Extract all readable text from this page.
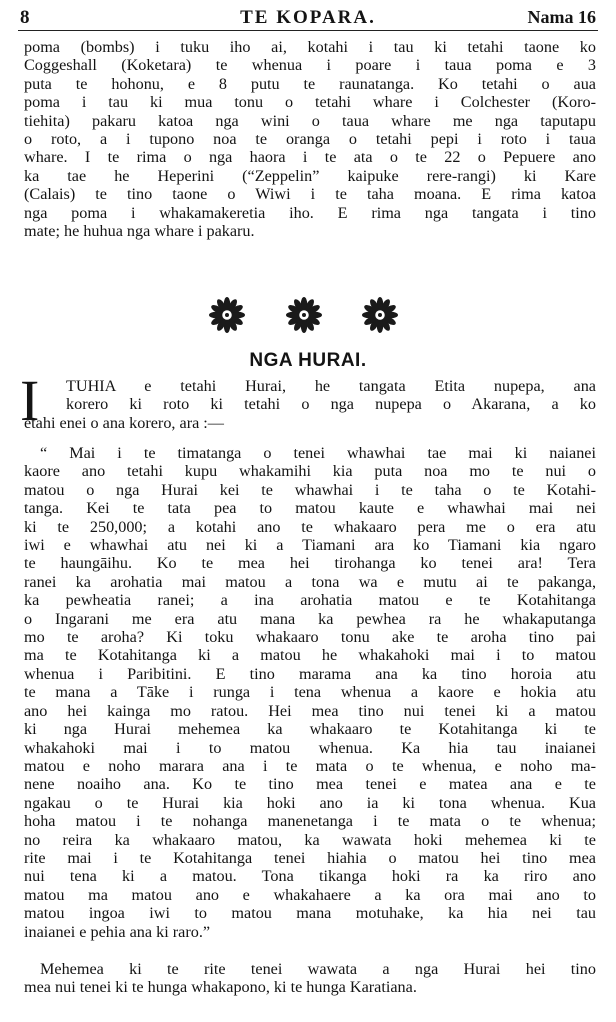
8	TE KOPARA.	Nama 16
poma (bombs) i tuku iho ai, kotahi i tau ki tetahi taone ko
Coggeshall (Koketara) te whenua i poare i taua poma e 3
puta te hohonu, e 8 putu te raunatanga. Ko tetahi o aua
poma i tau ki mua tonu o tetahi whare i Colchester (Koro-
tiehita) pakaru katoa nga wini o taua whare me nga taputapu
o roto, a i tupono noa te oranga o tetahi pepi i roto i taua
whare. I te rima o nga haora i te ata o te 22 o Pepuere ano
ka tae he Heperini (“Zeppelin” kaipuke rere-rangi) ki Kare
(Calais) te tino taone o Wiwi i te taha moana. E rima katoa
nga poma i whakamakeretia iho. E rima nga tangata i tino
mate; he huhua nga whare i pakaru.
NGA HURAI.
I	TUHIA e tetahi Hurai, he tangata Etita nupepa, ana
korero ki roto ki tetahi o nga nupepa o Akarana, a ko
etahi enei o ana korero, ara :—
“ Mai i te timatanga o tenei whawhai tae mai ki naianei
kaore ano tetahi kupu whakamihi kia puta noa mo te nui o
matou o nga Hurai kei te whawhai i te taha o te Kotahi-
tanga. Kei te tata pea to matou kaute e whawhai mai nei
ki te 250,000; a kotahi ano te whakaaro pera me o era atu
iwi e whawhai atu nei ki a Tiamani ara ko Tiamani kia ngaro
te haungāihu. Ko te mea hei tirohanga ko tenei ara! Tera
ranei ka arohatia mai matou a tona wa e mutu ai te pakanga,
ka pewheatia ranei; a ina arohatia matou e te Kotahitanga
o Ingarani me era atu mana ka pewhea ra he whakaputanga
mo te aroha? Ki toku whakaaro tonu ake te aroha tino pai
ma te Kotahitanga ki a matou he whakahoki mai i to matou
whenua i Paribitini. E tino marama ana ka tino horoia atu
te mana a Tāke i runga i tena whenua a kaore e hokia atu
ano hei kainga mo ratou. Hei mea tino nui tenei ki a matou
ki nga Hurai mehemea ka whakaaro te Kotahitanga ki te
whakahoki mai i to matou whenua. Ka hia tau inaianei
matou e noho marara ana i te mata o te whenua, e noho ma-
nene noaiho ana. Ko te tino mea tenei e matea ana e te
ngakau o te Hurai kia hoki ano ia ki tona whenua. Kua
hoha matou i te nohanga manenetanga i te mata o te whenua;
no reira ka whakaaro matou, ka wawata hoki mehemea ki te
rite mai i te Kotahitanga tenei hiahia o matou hei tino mea
nui tena ki a matou. Tona tikanga hoki ra ka riro ano
matou ma matou ano e whakahaere a ka ora mai ano to
matou ingoa iwi to matou mana motuhake, ka hia nei tau
inaianei e pehia ana ki raro.”
Mehemea ki te rite tenei wawata a nga Hurai hei tino
mea nui tenei ki te hunga whakapono, ki te hunga Karatiana.
